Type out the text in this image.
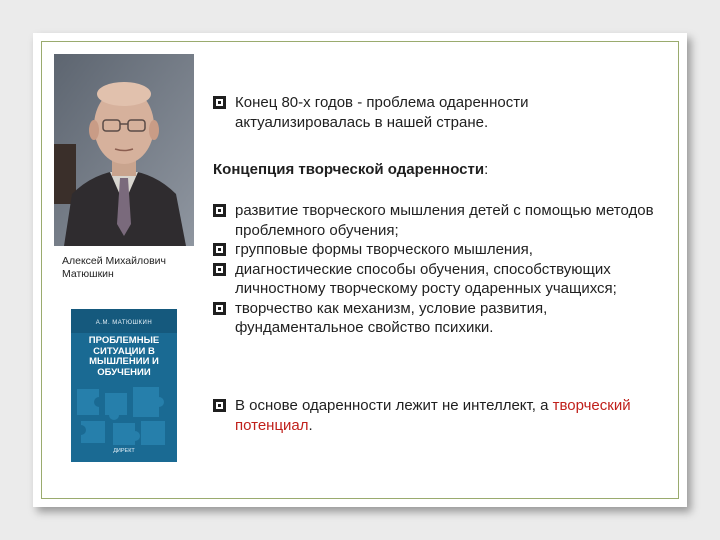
Алексей Михайлович Матюшкин
А.М. МАТЮШКИН
ПРОБЛЕМНЫЕ СИТУАЦИИ В МЫШЛЕНИИ И ОБУЧЕНИИ
ДИРЕКТ
Конец 80-х годов - проблема одаренности актуализировалась в нашей стране.
Концепция творческой одаренности:
развитие творческого мышления детей с помощью методов проблемного обучения;
групповые формы творческого мышления,
диагностические способы обучения, способствующих личностному творческому росту одаренных учащихся;
творчество как механизм, условие развития, фундаментальное свойство психики.
В основе одаренности лежит не интеллект, а творческий потенциал.
